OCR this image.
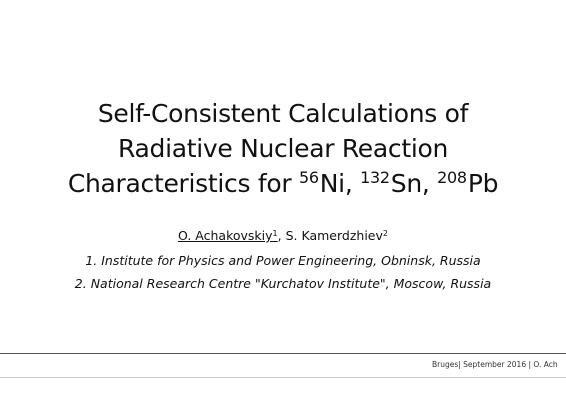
Self-Consistent Calculations of
Radiative Nuclear Reaction
Characteristics for $^{56}$Ni, $^{132}$Sn, $^{208}$Pb
O. Achakovskiy$^1$, S. Kamerdzhiev$^2$
1. Institute for Physics and Power Engineering, Obninsk, Russia
2. National Research Centre "Kurchatov Institute", Moscow, Russia
Bruges| September 2016 | O. Ach
